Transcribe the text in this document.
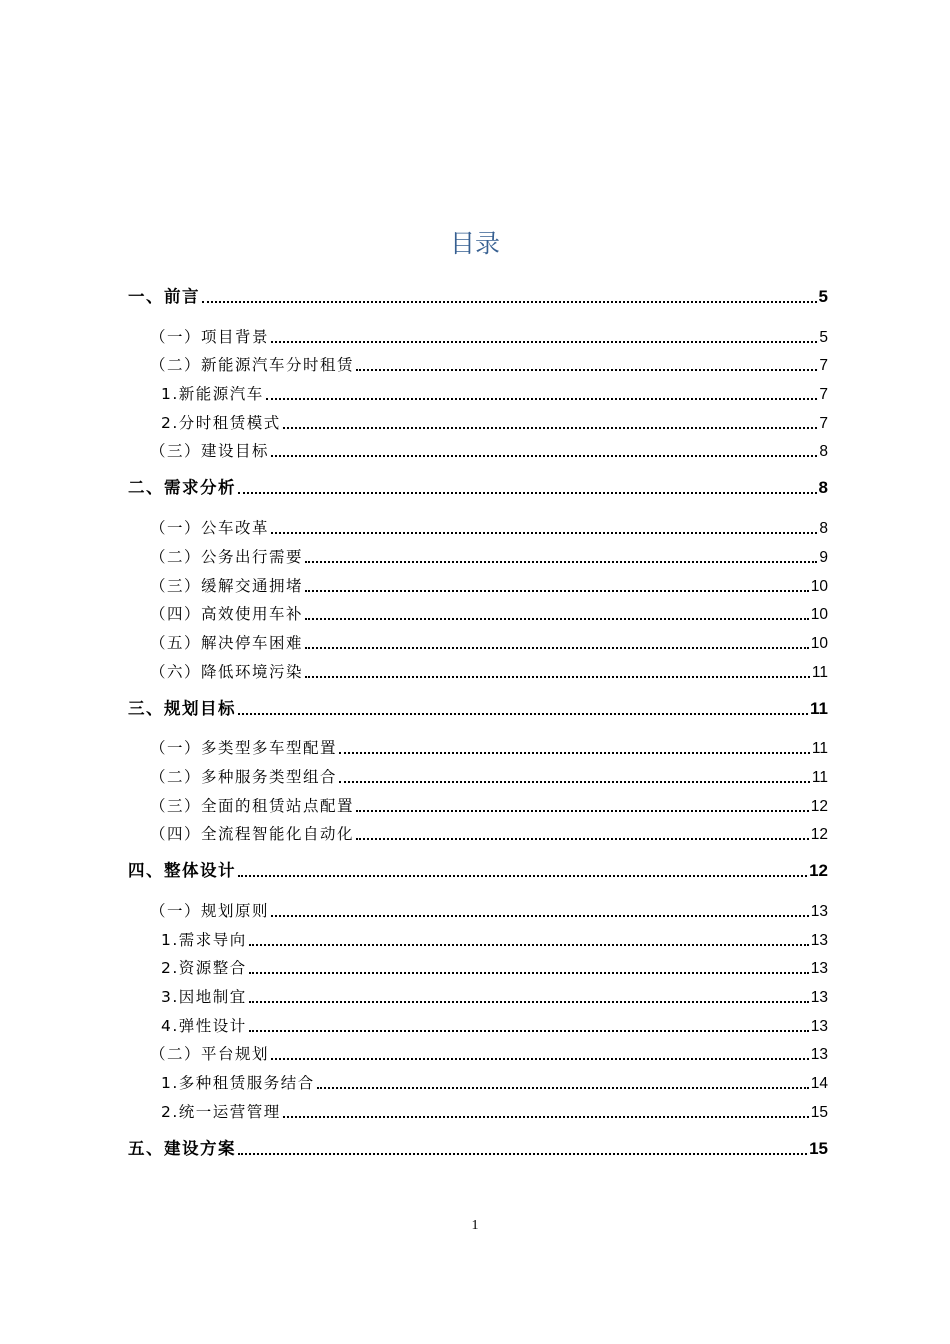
目录
一、前言	5
（一）项目背景	5
（二）新能源汽车分时租赁	7
1.新能源汽车	7
2.分时租赁模式	7
（三）建设目标	8
二、需求分析	8
（一）公车改革	8
（二）公务出行需要	9
（三）缓解交通拥堵	10
（四）高效使用车补	10
（五）解决停车困难	10
（六）降低环境污染	11
三、规划目标	11
（一）多类型多车型配置	11
（二）多种服务类型组合	11
（三）全面的租赁站点配置	12
（四）全流程智能化自动化	12
四、整体设计	12
（一）规划原则	13
1.需求导向	13
2.资源整合	13
3.因地制宜	13
4.弹性设计	13
（二）平台规划	13
1.多种租赁服务结合	14
2.统一运营管理	15
五、建设方案	15
1
